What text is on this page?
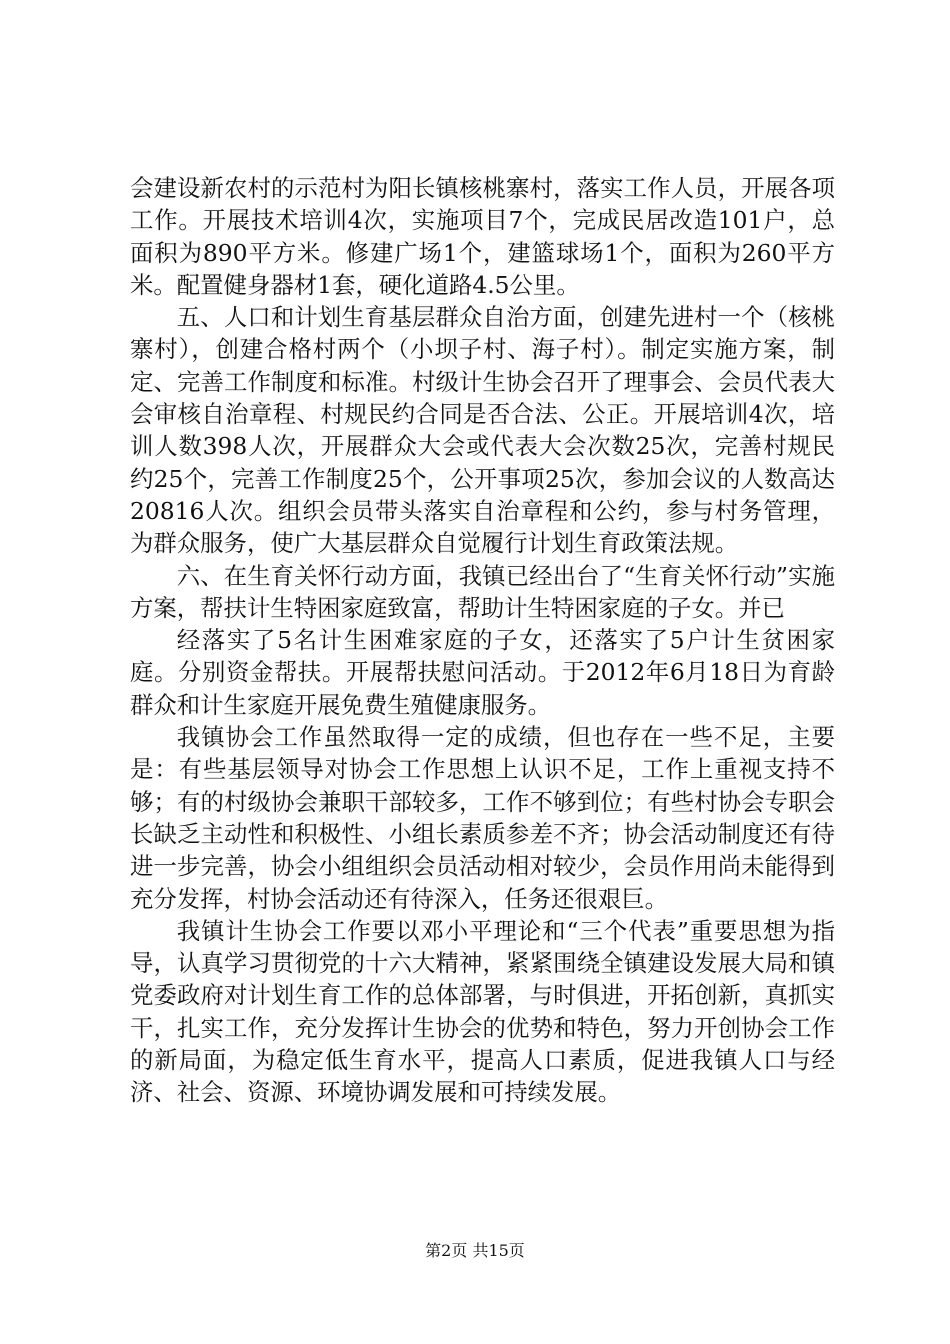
会建设新农村的示范村为阳长镇核桃寨村，落实工作人员，开展各项工作。开展技术培训4次，实施项目7个，完成民居改造101户，总面积为890平方米。修建广场1个，建篮球场1个，面积为260平方米。配置健身器材1套，硬化道路4.5公里。

五、人口和计划生育基层群众自治方面，创建先进村一个（核桃寨村），创建合格村两个（小坝子村、海子村）。制定实施方案，制定、完善工作制度和标准。村级计生协会召开了理事会、会员代表大会审核自治章程、村规民约合同是否合法、公正。开展培训4次，培训人数398人次，开展群众大会或代表大会次数25次，完善村规民约25个，完善工作制度25个，公开事项25次，参加会议的人数高达20816人次。组织会员带头落实自治章程和公约，参与村务管理，为群众服务，使广大基层群众自觉履行计划生育政策法规。

六、在生育关怀行动方面，我镇已经出台了“生育关怀行动”实施方案，帮扶计生特困家庭致富，帮助计生特困家庭的子女。并已

经落实了5名计生困难家庭的子女，还落实了5户计生贫困家庭。分别资金帮扶。开展帮扶慰问活动。于2012年6月18日为育龄群众和计生家庭开展免费生殖健康服务。

我镇协会工作虽然取得一定的成绩，但也存在一些不足，主要是：有些基层领导对协会工作思想上认识不足，工作上重视支持不够；有的村级协会兼职干部较多，工作不够到位；有些村协会专职会长缺乏主动性和积极性、小组长素质参差不齐；协会活动制度还有待进一步完善，协会小组组织会员活动相对较少，会员作用尚未能得到充分发挥，村协会活动还有待深入，任务还很艰巨。

我镇计生协会工作要以邓小平理论和“三个代表”重要思想为指导，认真学习贯彻党的十六大精神，紧紧围绕全镇建设发展大局和镇党委政府对计划生育工作的总体部署，与时俱进，开拓创新，真抓实干，扎实工作，充分发挥计生协会的优势和特色，努力开创协会工作的新局面，为稳定低生育水平，提高人口素质，促进我镇人口与经济、社会、资源、环境协调发展和可持续发展。

第2页 共15页
